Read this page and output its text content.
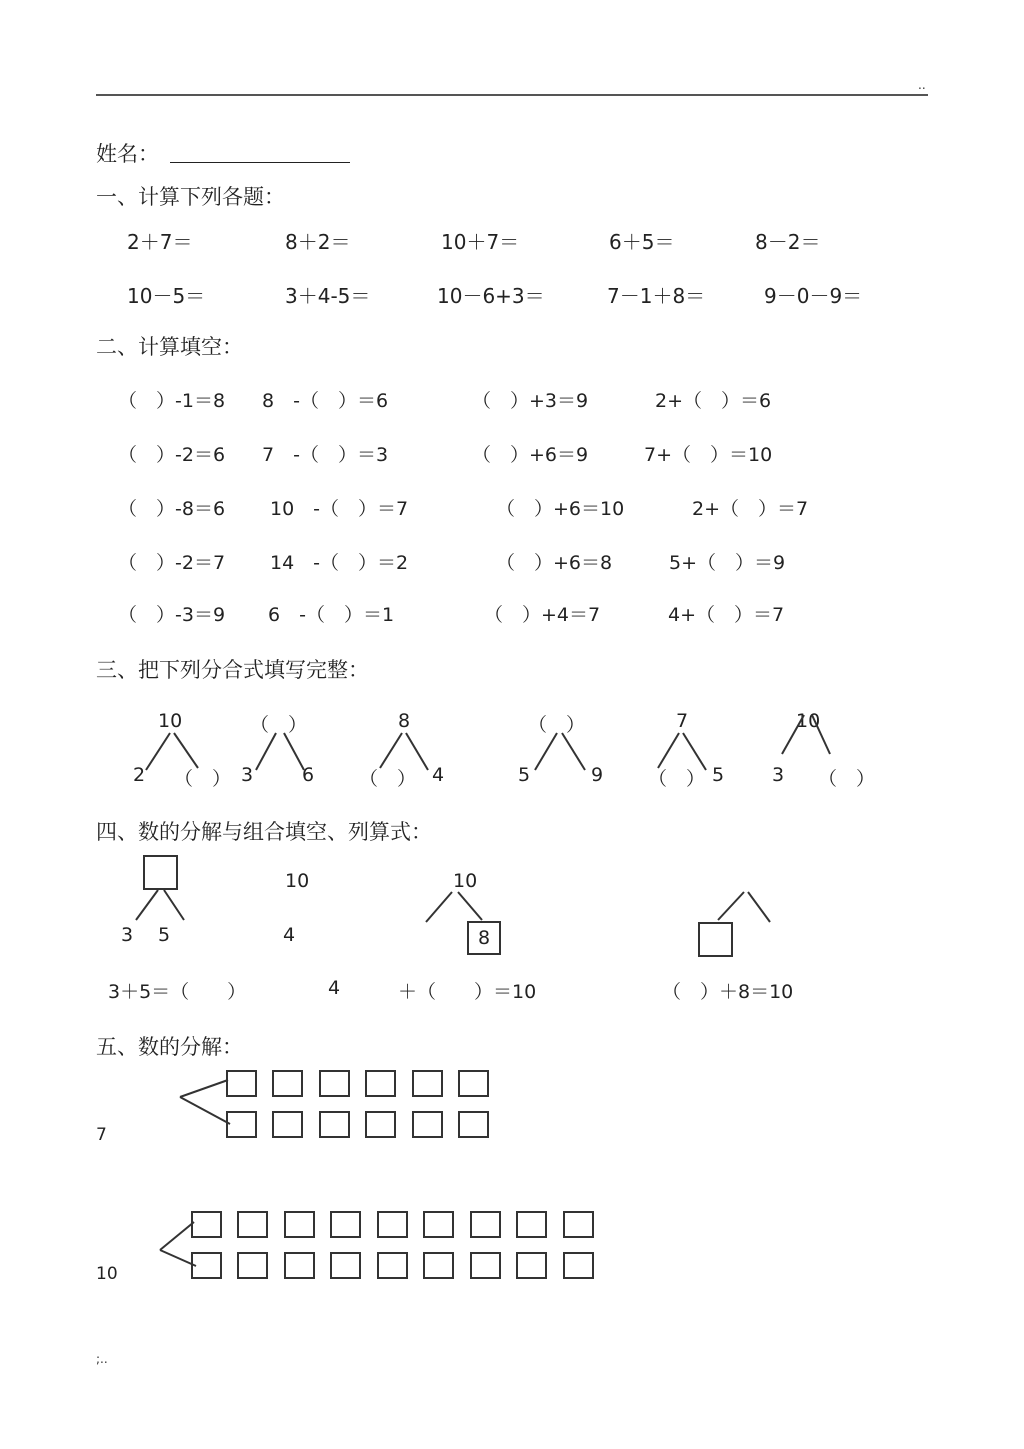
..
姓名：
一、计算下列各题：
2＋7＝	8＋2＝	10＋7＝	6＋5＝	8－2＝
10－5＝	3＋4-5＝	10－6+3＝	7－1＋8＝	9－0－9＝
二、计算填空：
（　）-1＝8 8　-（　）＝6	（　）+3＝9	2+（　）＝6
（　）-2＝6 7　-（　）＝3	（　）+6＝9	7+（　）＝10
（　）-8＝6 10　-（　）＝7	（　）+6＝10	2+（　）＝7
（　）-2＝7 14　-（　）＝2	（　）+6＝8	5+（　）＝9
（　）-3＝9 6　-（　）＝1	（　）+4＝7	4+（　）＝7
三、把下列分合式填写完整：
10
2 （　）
（　）
3	6
8
（　） 4
（　）
5	9
7
（　） 5
10
3 （　）
四、数的分解与组合填空、列算式：
3 5
10
4
10
8
3＋5＝（　　）	4	＋（　　）＝10	（　）＋8＝10
五、数的分解：
7
10
;..
